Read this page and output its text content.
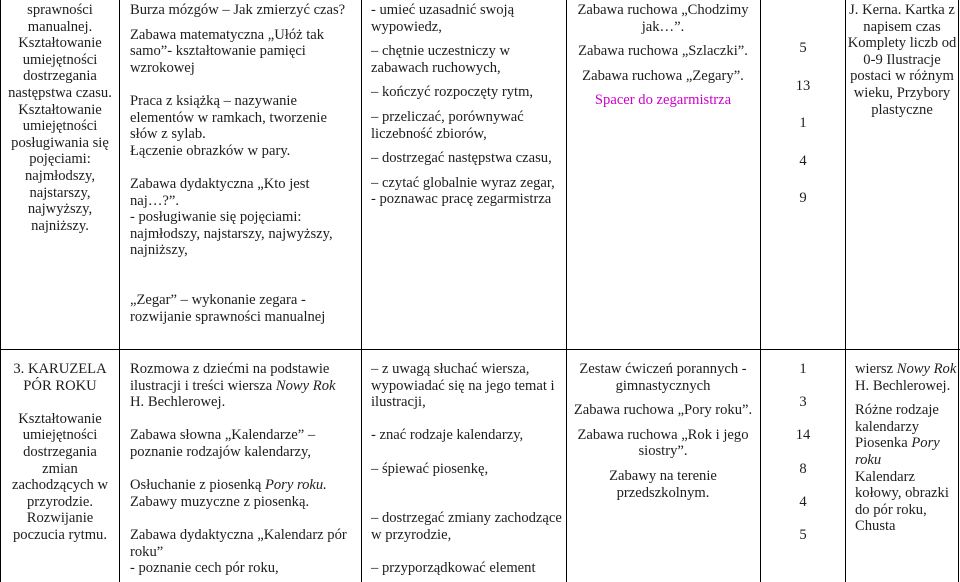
sprawności manualnej.

Kształtowanie umiejętności dostrzegania następstwa czasu.

Kształtowanie umiejętności posługiwania się pojęciami: najmłodszy, najstarszy, najwyższy, najniższy.

Burza mózgów – Jak zmierzyć czas?

Zabawa matematyczna „Ułóż tak samo”- kształtowanie pamięci wzrokowej

Praca z książką – nazywanie elementów w ramkach, tworzenie słów z sylab.

Łączenie obrazków w pary.

Zabawa dydaktyczna „Kto jest naj…?”.

- posługiwanie się pojęciami: najmłodszy, najstarszy, najwyższy, najniższy,

„Zegar” – wykonanie zegara - rozwijanie sprawności manualnej

- umieć uzasadnić swoją wypowiedz,

– chętnie uczestniczy w zabawach ruchowych,

– kończyć rozpoczęty rytm,

– przeliczać, porównywać liczebność zbiorów,

– dostrzegać następstwa czasu,

– czytać globalnie wyraz zegar,

- poznawac pracę zegarmistrza

Zabawa ruchowa „Chodzimy jak…”.

Zabawa ruchowa „Szlaczki”.

Zabawa ruchowa „Zegary”.

Spacer do zegarmistrza

5

13

1

4

9

J. Kerna. Kartka z napisem czas Komplety liczb od 0-9 Ilustracje postaci w różnym wieku, Przybory plastyczne

3. KARUZELA PÓR ROKU

Kształtowanie umiejętności dostrzegania zmian zachodzących w przyrodzie. Rozwijanie poczucia rytmu.

Rozmowa z dziećmi na podstawie ilustracji i treści wiersza Nowy Rok H. Bechlerowej.

Zabawa słowna „Kalendarze” – poznanie rodzajów kalendarzy,

Osłuchanie z piosenką Pory roku.

Zabawy muzyczne z piosenką.

Zabawa dydaktyczna „Kalendarz pór roku”

- poznanie cech pór roku,

– z uwagą słuchać wiersza, wypowiadać się na jego temat i ilustracji,

- znać rodzaje kalendarzy,

– śpiewać piosenkę,

– dostrzegać zmiany zachodzące w przyrodzie,

– przyporządkować element

Zestaw ćwiczeń porannych - gimnastycznych

Zabawa ruchowa „Pory roku”.

Zabawa ruchowa „Rok i jego siostry”.

Zabawy na terenie przedszkolnym.

1

3

14

8

4

5

wiersz Nowy Rok H. Bechlerowej.

Różne rodzaje kalendarzy Piosenka Pory roku

Kalendarz kołowy, obrazki do pór roku, Chusta
